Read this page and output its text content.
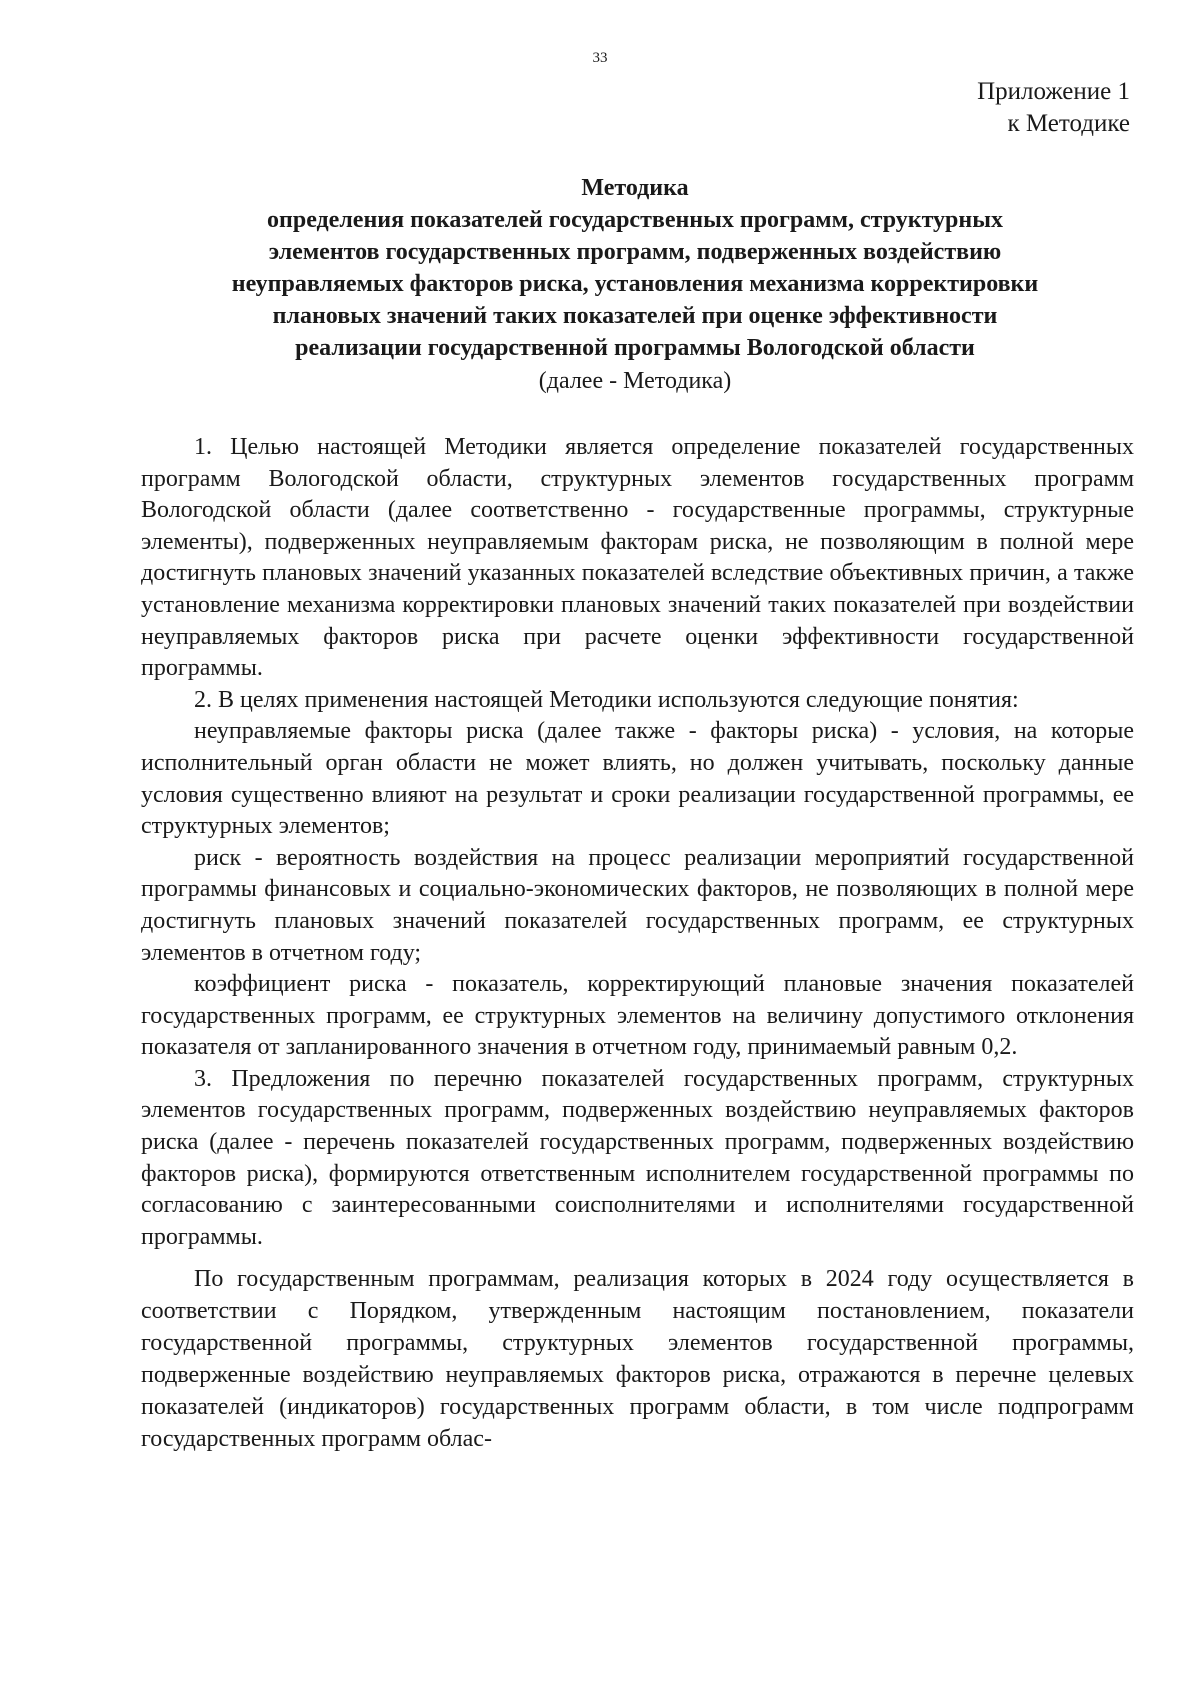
33
Приложение 1
к Методике
Методика
определения показателей государственных программ, структурных
элементов государственных программ, подверженных воздействию
неуправляемых факторов риска, установления механизма корректировки
плановых значений таких показателей при оценке эффективности
реализации государственной программы Вологодской области
(далее - Методика)

1. Целью настоящей Методики является определение показателей государственных программ Вологодской области, структурных элементов государственных программ Вологодской области (далее соответственно - государственные программы, структурные элементы), подверженных неуправляемым факторам риска, не позволяющим в полной мере достигнуть плановых значений указанных показателей вследствие объективных причин, а также установление механизма корректировки плановых значений таких показателей при воздействии неуправляемых факторов риска при расчете оценки эффективности государственной программы.

2. В целях применения настоящей Методики используются следующие понятия:

неуправляемые факторы риска (далее также - факторы риска) - условия, на которые исполнительный орган области не может влиять, но должен учитывать, поскольку данные условия существенно влияют на результат и сроки реализации государственной программы, ее структурных элементов;

риск - вероятность воздействия на процесс реализации мероприятий государственной программы финансовых и социально-экономических факторов, не позволяющих в полной мере достигнуть плановых значений показателей государственных программ, ее структурных элементов в отчетном году;

коэффициент риска - показатель, корректирующий плановые значения показателей государственных программ, ее структурных элементов на величину допустимого отклонения показателя от запланированного значения в отчетном году, принимаемый равным 0,2.

3. Предложения по перечню показателей государственных программ, структурных элементов государственных программ, подверженных воздействию неуправляемых факторов риска (далее - перечень показателей государственных программ, подверженных воздействию факторов риска), формируются ответственным исполнителем государственной программы по согласованию с заинтересованными соисполнителями и исполнителями государственной программы.

По государственным программам, реализация которых в 2024 году осуществляется в соответствии с Порядком, утвержденным настоящим постановлением, показатели государственной программы, структурных элементов государственной программы, подверженные воздействию неуправляемых факторов риска, отражаются в перечне целевых показателей (индикаторов) государственных программ области, в том числе подпрограмм государственных программ облас-
